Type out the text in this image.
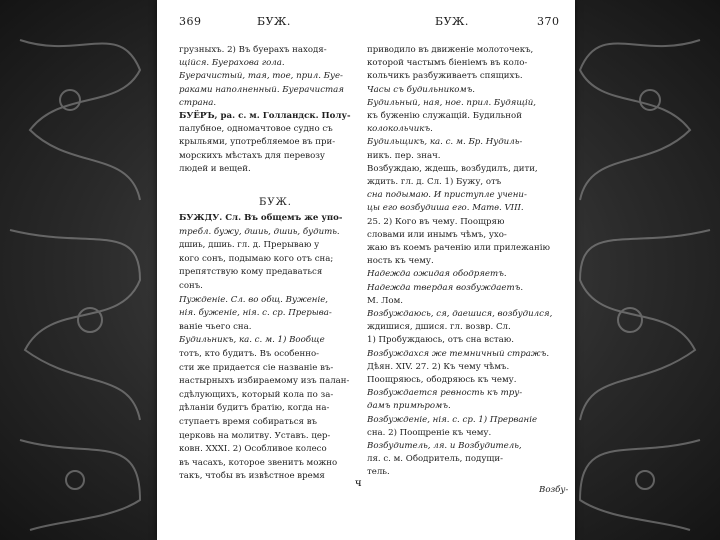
369	БУЖ.
грузныхъ. 2) Въ буерахъ находя-
щійся. Буерахова гола.
Буерачистый, тая, тое, прил. Буе-
раками наполненный. Буерачистая
страна.
БУЁРЪ, ра. с. м. Голландск. Полу-
палубное, одномачтовое судно съ
крыльями, употребляемое въ при-
морскихъ мѣстахъ для перевозу
людей и вещей.
БУЖ.
БУЖДУ. Сл. Въ общемъ же упо-
требл. бужу, дшиь, дшиь, будить.
дшиь, дшиь. гл. д. Прерываю у
кого сонъ, подымаю кого отъ сна;
препятствую кому предаваться
сонъ.
Пужденіе. Сл. во общ. Вуженіе,
нія. буженіе, нія. с. ср. Прерыва-
ваніе чьего сна.
Будильникъ, ка. с. м. 1) Вообще
тотъ, кто будитъ. Въ особенно-
сти же придается сіе названіе въ-
настырныхъ избираемому изъ палан-
сдѣлующихъ, который кола по за-
дѣланіи будитъ братію, когда на-
ступаетъ время собираться въ
церковь на молитву. Уставъ. цер-
ковн. XXXI. 2) Особливое колесо
въ часахъ, которое звенитъ можно
такъ, чтобы въ извѣстное время
БУЖ.	370
приводило въ движеніе молоточекъ,
которой частымъ біеніемъ въ коло-
кольчикъ разбуживаетъ спящихъ.
Часы съ будильникомъ.
Будильный, ная, ное. прил. Будящій,
къ буженію служащій. Будильной
колокольчикъ.
Будильщикъ, ка. с. м. Бр. Нудиль-
никъ. пер. знач.
Возбуждаю, ждешь, возбудилъ, дити,
ждить. гл. д. Сл. 1) Бужу, отъ
сна подымаю. И приступле учени-
цы его возбудиша его. Матѳ. VIII.
25. 2) Кого въ чему. Поощряю
словами или инымъ чѣмъ, ухо-
жаю въ коемъ раченію или прилежанію
ность къ чему.
Надежда ожидая ободряетъ.
Надежда твердая возбуждаетъ.
М. Лом.
Возбуждаюсь, ся, даешися, возбудился,
ждишися, дшися. гл. возвр. Сл.
1) Пробуждаюсь, отъ сна встаю.
Возбуждахся же темничный стражъ.
Дѣян. XIV. 27. 2) Къ чему чѣмъ.
Поощряюсь, ободряюсь къ чему.
Возбуждается ревность къ тру-
дамъ примѣромъ.
Возбужденіе, нія. с. ср. 1) Прерваніе
сна. 2) Поощреніе къ чему.
Возбудитель, ля. и Возбудитель,
ля. с. м. Ободритель, подущи-
тель.
Возбу-
ч
